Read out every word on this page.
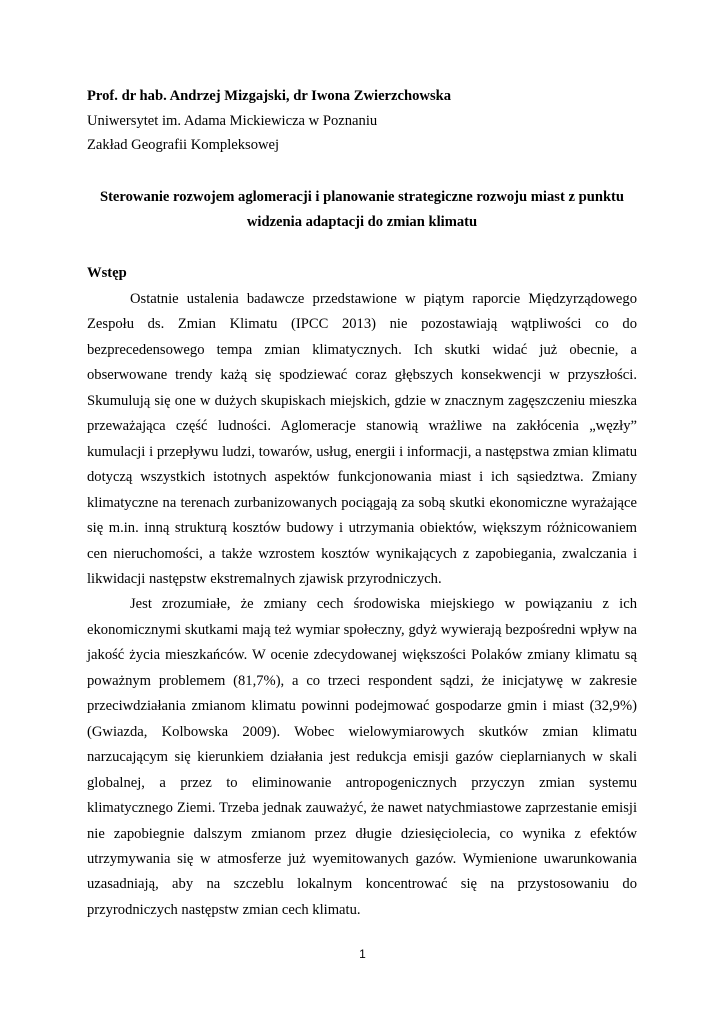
Prof. dr hab. Andrzej Mizgajski, dr Iwona Zwierzchowska
Uniwersytet im. Adama Mickiewicza w Poznaniu
Zakład Geografii Kompleksowej
Sterowanie rozwojem aglomeracji i planowanie strategiczne rozwoju miast z punktu widzenia adaptacji do zmian klimatu
Wstęp

Ostatnie ustalenia badawcze przedstawione w piątym raporcie Międzyrządowego Zespołu ds. Zmian Klimatu (IPCC 2013) nie pozostawiają wątpliwości co do bezprecedensowego tempa zmian klimatycznych. Ich skutki widać już obecnie, a obserwowane trendy każą się spodziewać coraz głębszych konsekwencji w przyszłości. Skumulują się one w dużych skupiskach miejskich, gdzie w znacznym zagęszczeniu mieszka przeważająca część ludności. Aglomeracje stanowią wrażliwe na zakłócenia „węzły” kumulacji i przepływu ludzi, towarów, usług, energii i informacji, a następstwa zmian klimatu dotyczą wszystkich istotnych aspektów funkcjonowania miast i ich sąsiedztwa. Zmiany klimatyczne na terenach zurbanizowanych pociągają za sobą skutki ekonomiczne wyrażające się m.in. inną strukturą kosztów budowy i utrzymania obiektów, większym różnicowaniem cen nieruchomości, a także wzrostem kosztów wynikających z zapobiegania, zwalczania i likwidacji następstw ekstremalnych zjawisk przyrodniczych.

Jest zrozumiałe, że zmiany cech środowiska miejskiego w powiązaniu z ich ekonomicznymi skutkami mają też wymiar społeczny, gdyż wywierają bezpośredni wpływ na jakość życia mieszkańców. W ocenie zdecydowanej większości Polaków zmiany klimatu są poważnym problemem (81,7%), a co trzeci respondent sądzi, że inicjatywę w zakresie przeciwdziałania zmianom klimatu powinni podejmować gospodarze gmin i miast (32,9%) (Gwiazda, Kolbowska 2009). Wobec wielowymiarowych skutków zmian klimatu narzucającym się kierunkiem działania jest redukcja emisji gazów cieplarnianych w skali globalnej, a przez to eliminowanie antropogenicznych przyczyn zmian systemu klimatycznego Ziemi. Trzeba jednak zauważyć, że nawet natychmiastowe zaprzestanie emisji nie zapobiegnie dalszym zmianom przez długie dziesięciolecia, co wynika z efektów utrzymywania się w atmosferze już wyemitowanych gazów. Wymienione uwarunkowania uzasadniają, aby na szczeblu lokalnym koncentrować się na przystosowaniu do przyrodniczych następstw zmian cech klimatu.

1
